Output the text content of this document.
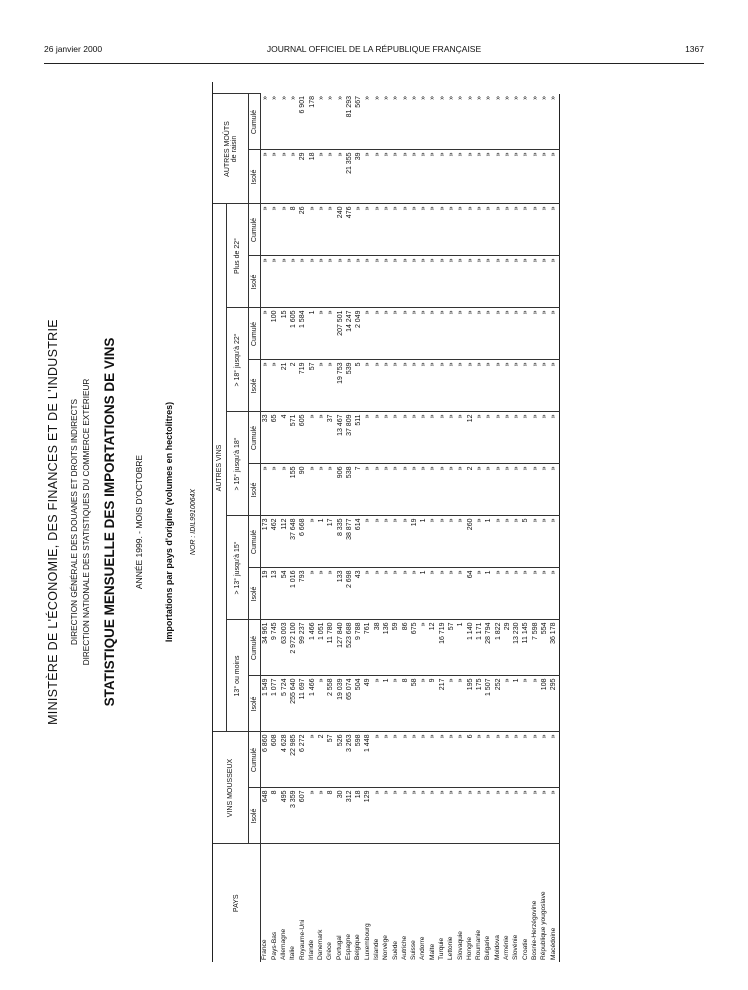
26 janvier 2000	JOURNAL OFFICIEL DE LA RÉPUBLIQUE FRANÇAISE	1367
MINISTÈRE DE L'ÉCONOMIE, DES FINANCES ET DE L'INDUSTRIE DIRECTION GÉNÉRALE DES DOUANES ET DROITS INDIRECTS DIRECTION NATIONALE DES STATISTIQUES DU COMMERCE EXTÉRIEUR STATISTIQUE MENSUELLE DES IMPORTATIONS DE VINS ANNÉE 1999. - MOIS D'OCTOBRE Importations par pays d'origine (volumes en hectolitres) NOR : IDIL9910064X
PAYS	VINS MOUSSEUX		AUTRES VINS										AUTRES MOÛTS de raisin	

			13° ou moins		> 13° jusqu'à 15°		> 15° jusqu'à 18°		> 18° jusqu'à 22°		Plus de 22°			
	Isolé	Cumulé	Isolé	Cumulé	Isolé	Cumulé	Isolé	Cumulé	Isolé	Cumulé	Isolé	Cumulé	Isolé	Cumulé
France	648	6 860	1 549	34 961	19	173	»	33	»	»	»	»	»	»
Pays-Bas	8	608	1 077	9 745	13	462	»	65	»	100	»	»	»	»
Allemagne	495	4 628	5 724	63 003	54	112	»	4	21	15	»	»	»	»
Italie	3 359	22 985	255 640	2 972 100	1 016	37 648	155	571	2	1 605	»	8	»	»
Royaume-Uni	607	6 272	11 697	99 237	793	6 668	90	605	719	1 584	»	26	29	6 901
Irlande	»	»	1 466	1 466	»	»	»	»	57	1	»	»	18	178
Danemark	»	2	»	1 051	»	1	»	»	»	»	»	»	»	»
Grèce	8	57	2 558	11 780	»	17	»	37	»	»	»	»	»	»
Portugal	30	526	19 039	127 840	133	8 335	906	13 467	19 753	207 501	»	240	»	»
Espagne	312	3 263	65 074	523 688	2 698	38 877	538	37 809	539	14 247	»	476	21 355	81 293
Belgique	18	598	504	9 788	43	614	7	511	5	2 049	»	»	39	567
Luxembourg	129	1 448	49	761	»	»	»	»	»	»	»	»	»	»
Islande	»	»	»	38	»	»	»	»	»	»	»	»	»	»
Norvège	»	»	1	136	»	»	»	»	»	»	»	»	»	»
Suède	»	»	»	59	»	»	»	»	»	»	»	»	»	»
Autriche	»	»	8	86	»	»	»	»	»	»	»	»	»	»
Suisse	»	»	58	675	»	19	»	»	»	»	»	»	»	»
Andorre	»	»	»	»	1	1	»	»	»	»	»	»	»	»
Malte	»	»	9	12	»	»	»	»	»	»	»	»	»	»
Turquie	»	»	217	16 719	»	»	»	»	»	»	»	»	»	»
Lettonie	»	»	»	57	»	»	»	»	»	»	»	»	»	»
Slovaquie	»	»	»	1	»	»	»	»	»	»	»	»	»	»
Hongrie	»	6	195	1 140	64	260	2	12	»	»	»	»	»	»
Roumanie	»	»	175	1 171	»	»	»	»	»	»	»	»	»	»
Bulgarie	»	»	1 507	28 794	1	1	»	»	»	»	»	»	»	»
Moldova	»	»	252	1 822	»	»	»	»	»	»	»	»	»	»
Arménie	»	»	»	29	»	»	»	»	»	»	»	»	»	»
Slovénie	»	»	1	13 230	»	»	»	»	»	»	»	»	»	»
Croatie	»	»	»	11 145	»	5	»	»	»	»	»	»	»	»
Bosnie-Herzégovine	»	»	»	7 598	»	»	»	»	»	»	»	»	»	»
République yougoslave	»	»	108	554	»	»	»	»	»	»	»	»	»	»
Macédoine	»	»	295	36 178	»	»	»	»	»	»	»	»	»	»
